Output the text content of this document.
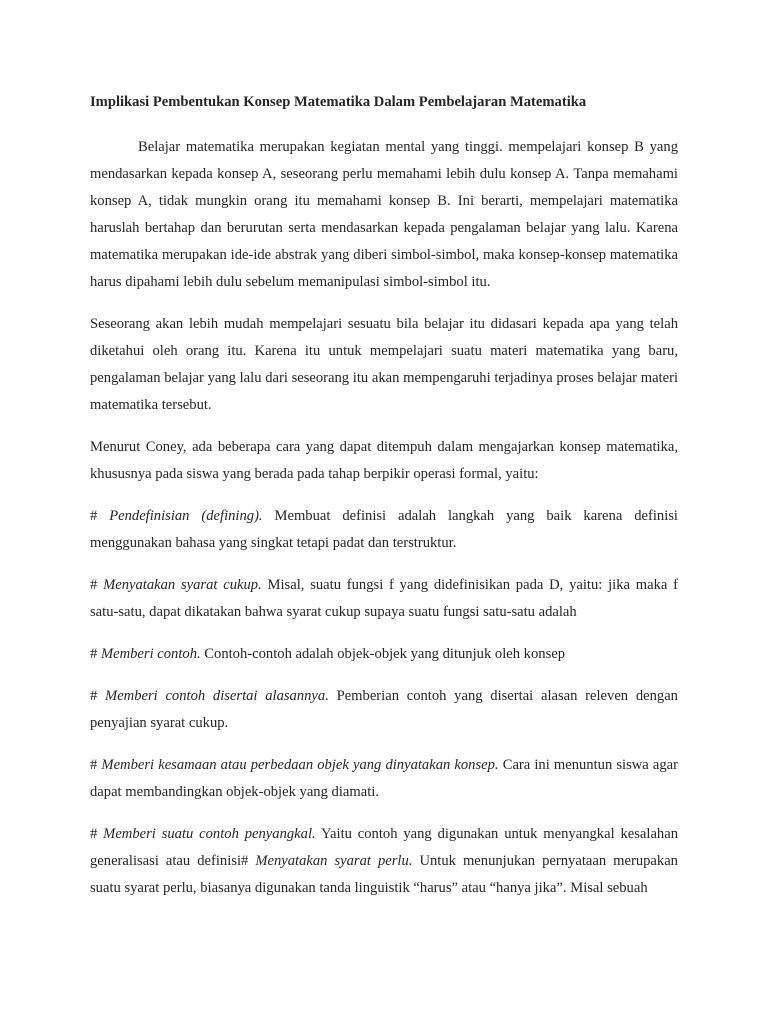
Implikasi Pembentukan Konsep Matematika Dalam Pembelajaran Matematika

Belajar matematika merupakan kegiatan mental yang tinggi. mempelajari konsep B yang mendasarkan kepada konsep A, seseorang perlu memahami lebih dulu konsep A. Tanpa memahami konsep A, tidak mungkin orang itu memahami konsep B. Ini berarti, mempelajari matematika haruslah bertahap dan berurutan serta mendasarkan kepada pengalaman belajar yang lalu. Karena matematika merupakan ide-ide abstrak yang diberi simbol-simbol, maka konsep-konsep matematika harus dipahami lebih dulu sebelum memanipulasi simbol-simbol itu.

Seseorang akan lebih mudah mempelajari sesuatu bila belajar itu didasari kepada apa yang telah diketahui oleh orang itu. Karena itu untuk mempelajari suatu materi matematika yang baru, pengalaman belajar yang lalu dari seseorang itu akan mempengaruhi terjadinya proses belajar materi matematika tersebut.

Menurut Coney, ada beberapa cara yang dapat ditempuh dalam mengajarkan konsep matematika, khususnya pada siswa yang berada pada tahap berpikir operasi formal, yaitu:

# Pendefinisian (defining). Membuat definisi adalah langkah yang baik karena definisi menggunakan bahasa yang singkat tetapi padat dan terstruktur.

# Menyatakan syarat cukup. Misal, suatu fungsi f yang didefinisikan pada D, yaitu: jika maka f satu-satu, dapat dikatakan bahwa syarat cukup supaya suatu fungsi satu-satu adalah

# Memberi contoh. Contoh-contoh adalah objek-objek yang ditunjuk oleh konsep

# Memberi contoh disertai alasannya. Pemberian contoh yang disertai alasan releven dengan penyajian syarat cukup.

# Memberi kesamaan atau perbedaan objek yang dinyatakan konsep. Cara ini menuntun siswa agar dapat membandingkan objek-objek yang diamati.

# Memberi suatu contoh penyangkal. Yaitu contoh yang digunakan untuk menyangkal kesalahan generalisasi atau definisi# Menyatakan syarat perlu. Untuk menunjukan pernyataan merupakan suatu syarat perlu, biasanya digunakan tanda linguistik “harus” atau “hanya jika”. Misal sebuah
